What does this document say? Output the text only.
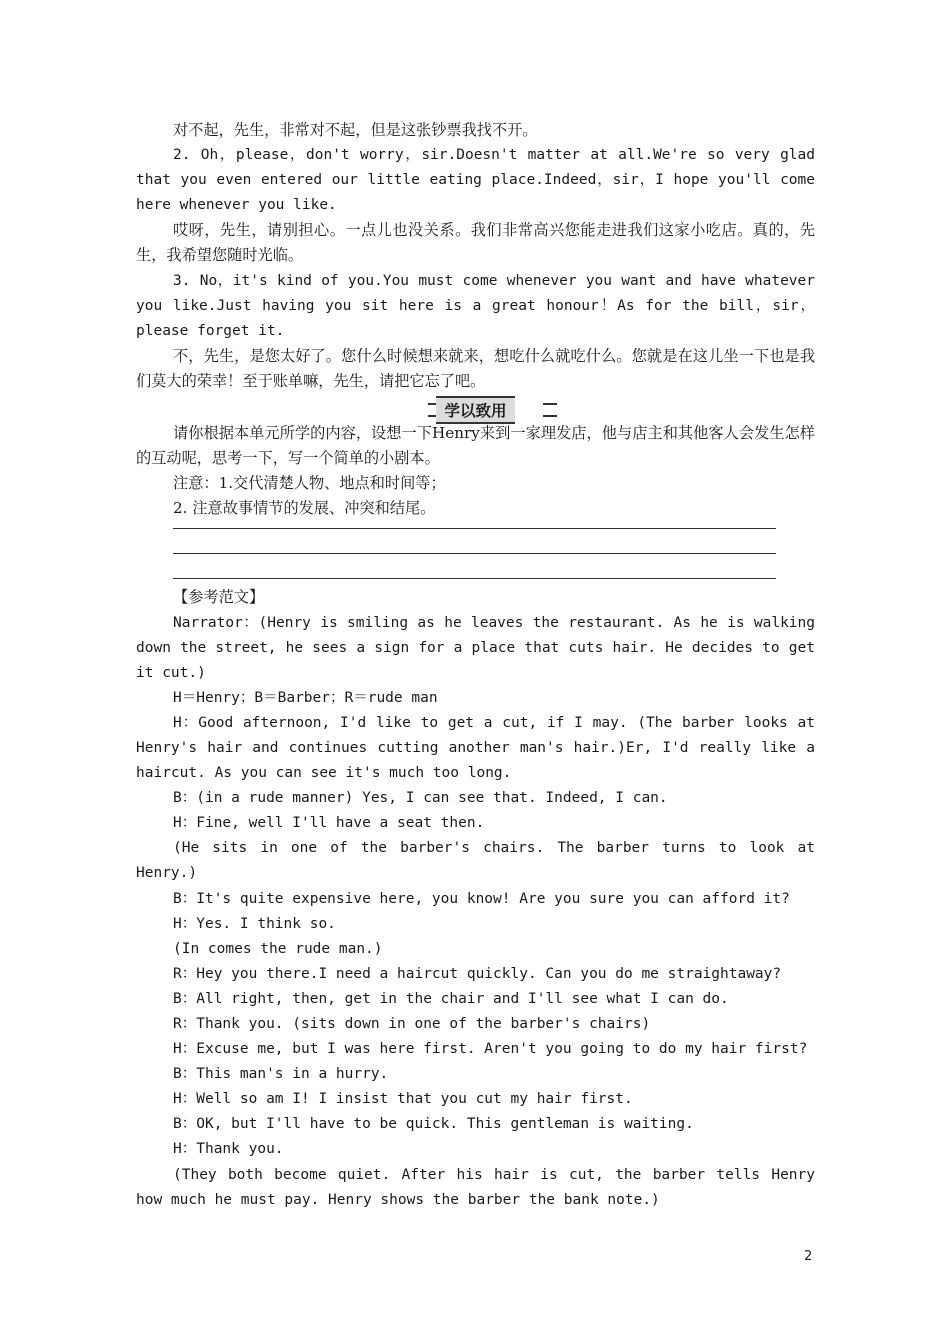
对不起，先生，非常对不起，但是这张钞票我找不开。
2. Oh，please，don't worry，sir.Doesn't matter at all.We're so very glad that you even entered our little eating place.Indeed，sir，I hope you'll come here whenever you like.
哎呀，先生，请别担心。一点儿也没关系。我们非常高兴您能走进我们这家小吃店。真的，先生，我希望您随时光临。
3. No，it's kind of you.You must come whenever you want and have whatever you like.Just having you sit here is a great honour！As for the bill，sir，please forget it.
不，先生，是您太好了。您什么时候想来就来，想吃什么就吃什么。您就是在这儿坐一下也是我们莫大的荣幸！至于账单嘛，先生，请把它忘了吧。
学以致用
请你根据本单元所学的内容，设想一下Henry来到一家理发店，他与店主和其他客人会发生怎样的互动呢，思考一下，写一个简单的小剧本。
注意：1.交代清楚人物、地点和时间等；
2. 注意故事情节的发展、冲突和结尾。
【参考范文】
Narrator：(Henry is smiling as he leaves the restaurant. As he is walking down the street, he sees a sign for a place that cuts hair. He decides to get it cut.)
H＝Henry；B＝Barber；R＝rude man
H：Good afternoon, I'd like to get a cut, if I may. (The barber looks at Henry's hair and continues cutting another man's hair.)Er, I'd really like a haircut. As you can see it's much too long.
B：(in a rude manner) Yes, I can see that. Indeed, I can.
H：Fine, well I'll have a seat then.
(He sits in one of the barber's chairs. The barber turns to look at Henry.)
B：It's quite expensive here, you know! Are you sure you can afford it?
H：Yes. I think so.
(In comes the rude man.)
R：Hey you there.I need a haircut quickly. Can you do me straightaway?
B：All right, then, get in the chair and I'll see what I can do.
R：Thank you. (sits down in one of the barber's chairs)
H：Excuse me, but I was here first. Aren't you going to do my hair first?
B：This man's in a hurry.
H：Well so am I! I insist that you cut my hair first.
B：OK, but I'll have to be quick. This gentleman is waiting.
H：Thank you.
(They both become quiet. After his hair is cut, the barber tells Henry how much he must pay. Henry shows the barber the bank note.)
2
